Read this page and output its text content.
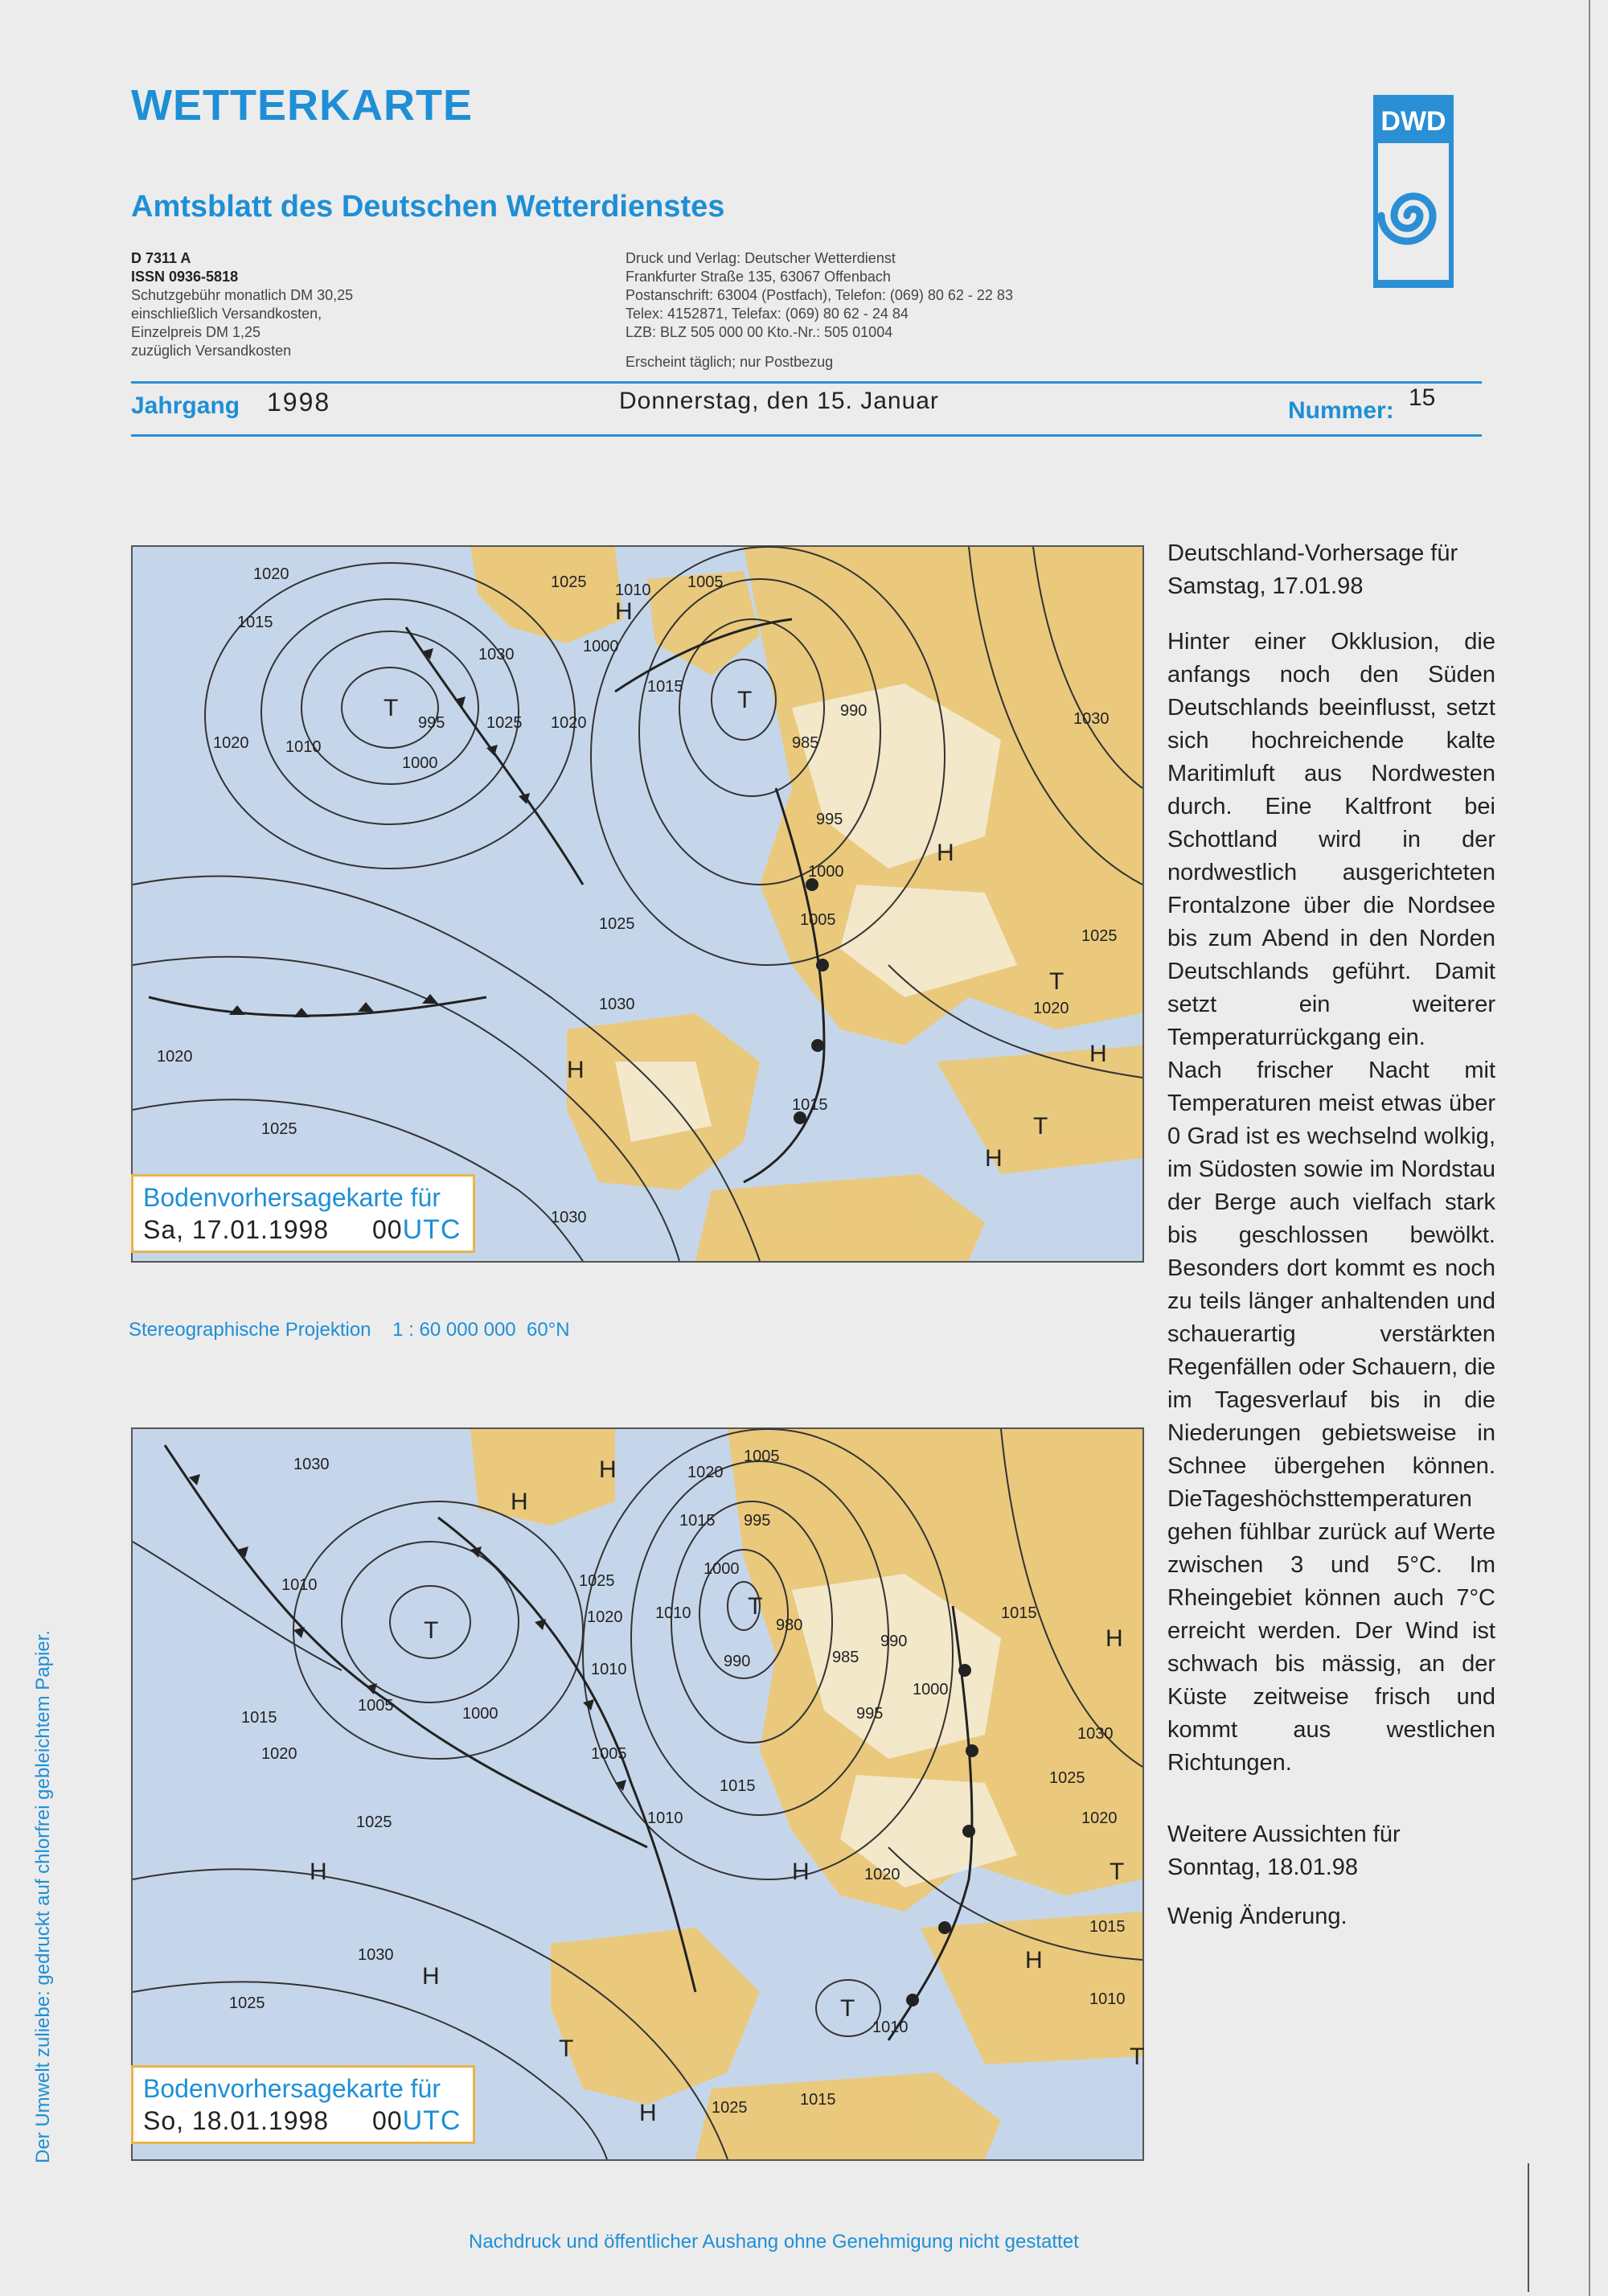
WETTERKARTE
Amtsblatt des Deutschen Wetterdienstes
DWD
D 7311 A
ISSN 0936-5818
Schutzgebühr monatlich DM 30,25
einschließlich Versandkosten,
Einzelpreis DM 1,25
zuzüglich Versandkosten
Druck und Verlag: Deutscher Wetterdienst
Frankfurter Straße 135, 63067 Offenbach
Postanschrift: 63004 (Postfach), Telefon: (069) 80 62 - 22 83
Telex: 4152871, Telefax: (069) 80 62 - 24 84
LZB: BLZ 505 000 00 Kto.-Nr.: 505 01004
Erscheint täglich; nur Postbezug
Jahrgang 1998	Donnerstag, den 15. Januar	Nummer: 15
1020
1015
1025 1010 1005
1030	1000
995
1020 1010
1000
1025 1020
1015
990
985
995
1000
1005
1030
1025
1030
1020
1025
1015
1020
1030
1025
H
T	T
H
T
H
H
T
H
Bodenvorhersagekarte für
Sa, 17.01.1998 00UTC
Stereographische Projektion    1 : 60 000 000  60°N
1030	1020
1005
1015 995
1010	1025
1000
1020 1010
980
990	985
990
1000
995
1015
1010
1005	1000
1015
1020	1005
1015
1010
1025
1030
1025
1020
1030
1025
1015
1010
1010
1025	1015
1020
H
H
T
T
H
H
H
H
T
T
H
T	T
H
Bodenvorhersagekarte für
So, 18.01.1998 00UTC

Deutschland-Vorhersage für Samstag, 17.01.98

Hinter einer Okklusion, die anfangs noch den Süden Deutschlands beeinflusst, setzt sich hochreichende kalte Maritimluft aus Nordwesten durch. Eine Kaltfront bei Schottland wird in der nordwestlich ausgerichteten Frontalzone über die Nordsee bis zum Abend in den Norden Deutschlands geführt. Damit setzt ein weiterer Temperaturrückgang ein.

Nach frischer Nacht mit Temperaturen meist etwas über 0 Grad ist es wechselnd wolkig, im Südosten sowie im Nordstau der Berge auch vielfach stark bis geschlossen bewölkt. Besonders dort kommt es noch zu teils länger anhaltenden und schauerartig verstärkten Regenfällen oder Schauern, die im Tagesverlauf bis in die Niederungen gebietsweise in Schnee übergehen können. DieTageshöchsttemperaturen gehen fühlbar zurück auf Werte zwischen 3 und 5°C. Im Rheingebiet können auch 7°C erreicht werden. Der Wind ist schwach bis mässig, an der Küste zeitweise frisch und kommt aus westlichen Richtungen.

Weitere Aussichten für Sonntag, 18.01.98

Wenig Änderung.

Der Umwelt zuliebe: gedruckt auf chlorfrei gebleichtem Papier.
Nachdruck und öffentlicher Aushang ohne Genehmigung nicht gestattet
